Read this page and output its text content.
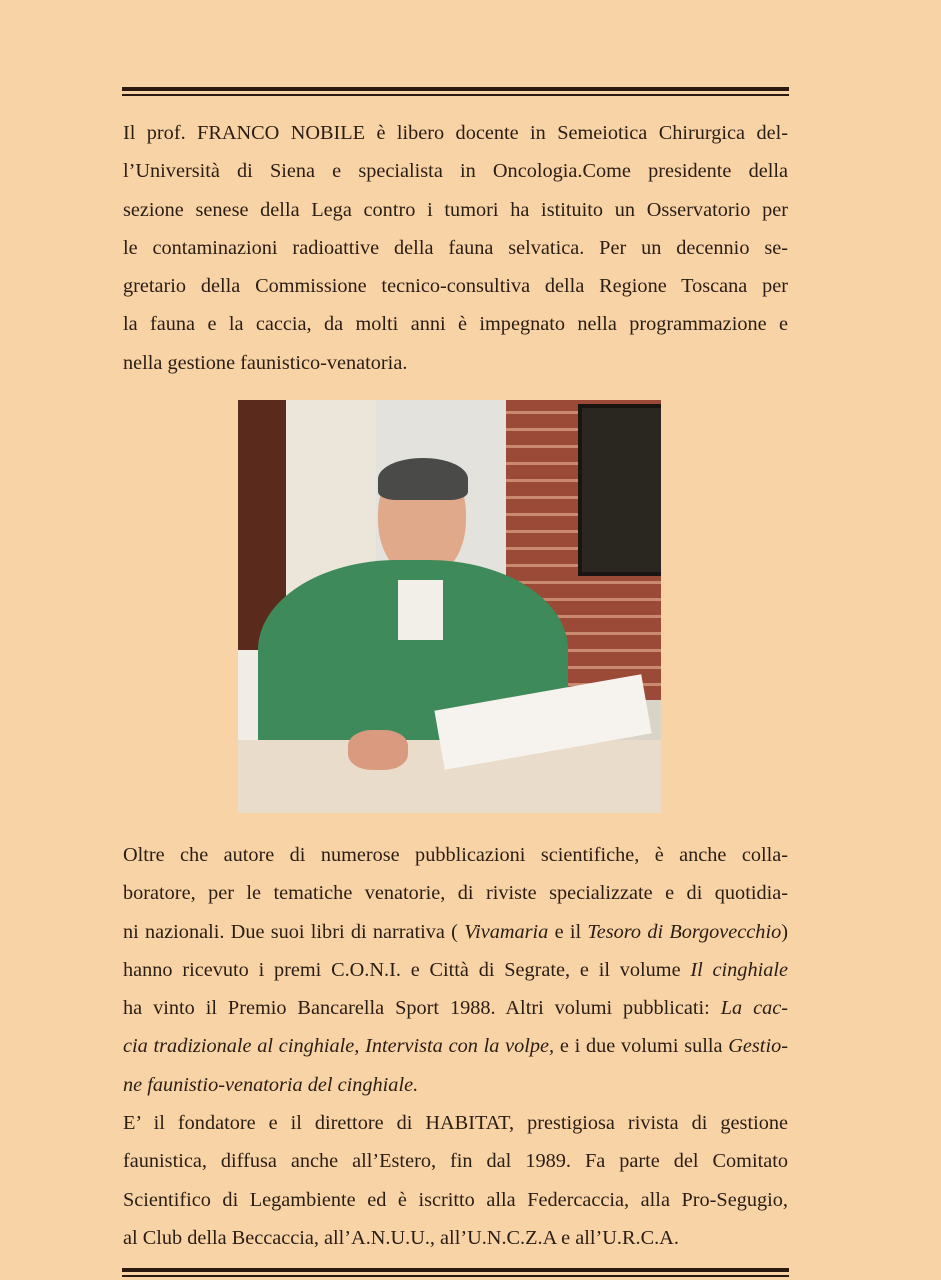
Il prof. FRANCO NOBILE è libero docente in Semeiotica Chirurgica del-
l’Università di Siena e specialista in Oncologia.Come presidente della
sezione senese della Lega contro i tumori ha istituito un Osservatorio per
le contaminazioni radioattive della fauna selvatica. Per un decennio se-
gretario della Commissione tecnico-consultiva della Regione Toscana per
la fauna e la caccia, da molti anni è impegnato nella programmazione e
nella gestione faunistico-venatoria.
Oltre che autore di numerose pubblicazioni scientifiche, è anche colla-
boratore, per le tematiche venatorie, di riviste specializzate e di quotidia-
ni nazionali. Due suoi libri di narrativa ( Vivamaria e il Tesoro di Borgovecchio)
hanno ricevuto i premi C.O.N.I. e Città di Segrate, e il volume Il cinghiale
ha vinto il Premio Bancarella Sport 1988. Altri volumi pubblicati: La cac-
cia tradizionale al cinghiale, Intervista con la volpe, e i due volumi sulla Gestio-
ne faunistio-venatoria del cinghiale.
E’ il fondatore e il direttore di HABITAT, prestigiosa rivista di gestione
faunistica, diffusa anche all’Estero, fin dal 1989. Fa parte del Comitato
Scientifico di Legambiente ed è iscritto alla Federcaccia, alla Pro-Segugio,
al Club della Beccaccia, all’A.N.U.U., all’U.N.C.Z.A e all’U.R.C.A.
